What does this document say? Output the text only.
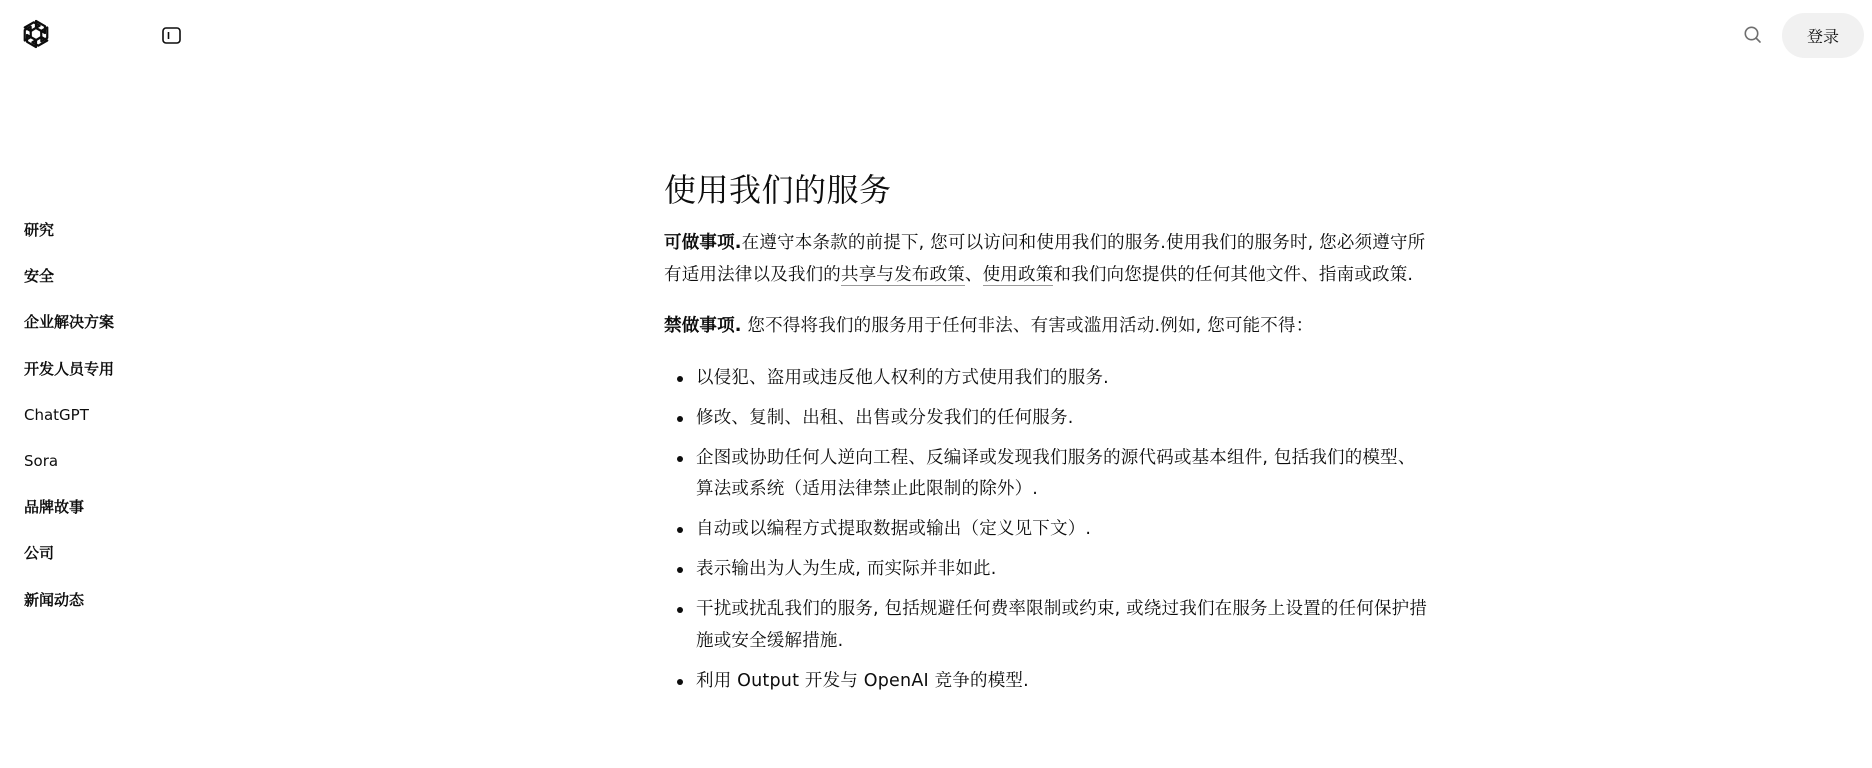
登录
研究
安全
企业解决方案
开发人员专用
ChatGPT
Sora
品牌故事
公司
新闻动态
使用我们的服务

可做事项.在遵守本条款的前提下, 您可以访问和使用我们的服务.使用我们的服务时, 您必须遵守所有适用法律以及我们的共享与发布政策、使用政策和我们向您提供的任何其他文件、指南或政策.

禁做事项. 您不得将我们的服务用于任何非法、有害或滥用活动.例如, 您可能不得：

以侵犯、盗用或违反他人权利的方式使用我们的服务.
修改、复制、出租、出售或分发我们的任何服务.
企图或协助任何人逆向工程、反编译或发现我们服务的源代码或基本组件, 包括我们的模型、算法或系统（适用法律禁止此限制的除外）.
自动或以编程方式提取数据或输出（定义见下文）.
表示输出为人为生成, 而实际并非如此.
干扰或扰乱我们的服务, 包括规避任何费率限制或约束, 或绕过我们在服务上设置的任何保护措施或安全缓解措施.
利用 Output 开发与 OpenAI 竞争的模型.
